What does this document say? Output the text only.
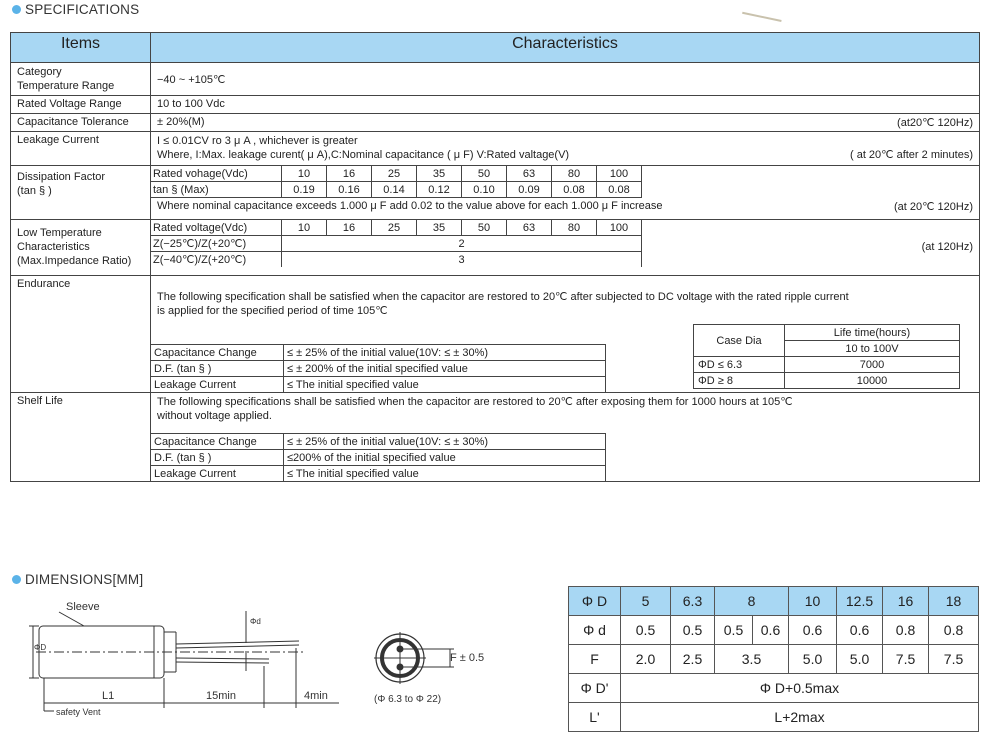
SPECIFICATIONS
Items	Characteristics
Category
Temperature Range	−40 ~ +105℃
Rated Voltage Range	10 to 100 Vdc
Capacitance Tolerance	± 20%(M)	(at20℃ 120Hz)

Leakage Current	I ≤ 0.01CV ro 3 μ A , whichever is greater
Where, I:Max. leakage curent( μ A),C:Nominal capacitance ( μ F) V:Rated valtage(V)	( at 20℃ after 2 minutes)

Dissipation Factor
(tan § )	
Rated vohage(Vdc)	10	16	25	35	50	63	80	100
tan § (Max)	0.19	0.16	0.14	0.12	0.10	0.09	0.08	0.08
Where nominal capacitance exceeds 1.000 μ F add 0.02 to the value above for each 1.000 μ F increase	(at 20℃ 120Hz)

Low Temperature
Characteristics
(Max.Impedance Ratio)	
Rated voltage(Vdc)	10	16	25	35	50	63	80	100
Z(−25℃)/Z(+20℃)	2
Z(−40℃)/Z(+20℃)	3
(at 120Hz)

Endurance	
The following specification shall be satisfied when the capacitor are restored to 20℃ after subjected to DC voltage with the rated ripple current
is applied for the specified period of time 105℃
Capacitance Change	≤ ± 25% of the initial value(10V: ≤ ± 30%)
D.F. (tan § )	≤ ± 200% of the initial specified value
Leakage Current	≤ The initial specified value
Case Dia	Life time(hours)
10 to 100V
ΦD ≤ 6.3	7000
ΦD ≥ 8	10000

Shelf Life	The following specifications shall be satisfied when the capacitor are restored to 20℃ after exposing them for 1000 hours at 105℃
without voltage applied.
Capacitance Change	≤ ± 25% of the initial value(10V: ≤ ± 30%)
D.F. (tan § )	≤200% of the initial specified value
Leakage Current	≤ The initial specified value
DIMENSIONS[MM]
Sleeve
ΦD
Φd
L1	15min	4min
safety Vent
F ± 0.5
(Φ 6.3 to Φ 22)
Φ D	5	6.3	8		10	12.5	16	18
Φ d	0.5	0.5	0.5	0.6	0.6	0.6	0.8	0.8
F	2.0	2.5	3.5		5.0	5.0	7.5	7.5
Φ D'	Φ D+0.5max							
L'	L+2max							
